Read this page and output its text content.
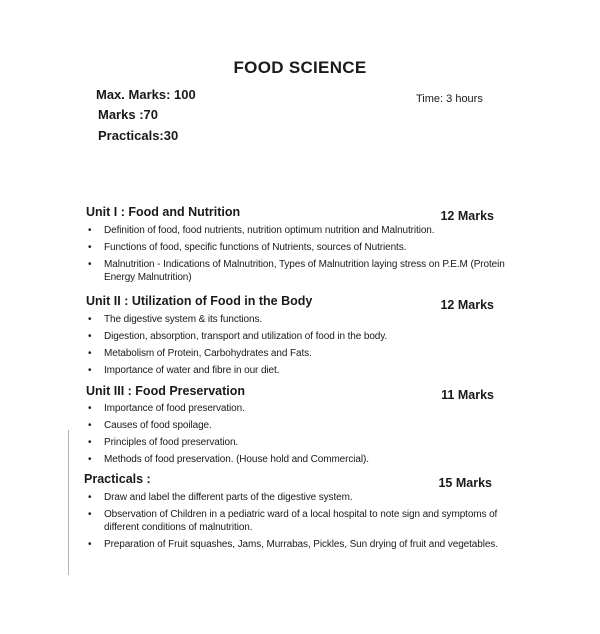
FOOD SCIENCE
Max. Marks: 100
Marks :70
Practicals:30
Time: 3 hours
Unit I : Food and Nutrition	12 Marks
• Definition of food, food nutrients, nutrition optimum nutrition and Malnutrition.
• Functions of food, specific functions of Nutrients, sources of Nutrients.
• Malnutrition - Indications of Malnutrition, Types of Malnutrition laying stress on P.E.M (Protein Energy Malnutrition)
Unit II : Utilization of Food in the Body	12 Marks
• The digestive system & its functions.
• Digestion, absorption, transport and utilization of food in the body.
• Metabolism of Protein, Carbohydrates and Fats.
• Importance of water and fibre in our diet.
Unit III : Food Preservation	11 Marks
• Importance of food preservation.
• Causes of food spoilage.
• Principles of food preservation.
• Methods of food preservation. (House hold and Commercial).
Practicals :	15 Marks
• Draw and label the different parts of the digestive system.
• Observation of Children in a pediatric ward of a local hospital to note sign and symptoms of different conditions of malnutrition.
• Preparation of Fruit squashes, Jams, Murrabas, Pickles, Sun drying of fruit and vegetables.
